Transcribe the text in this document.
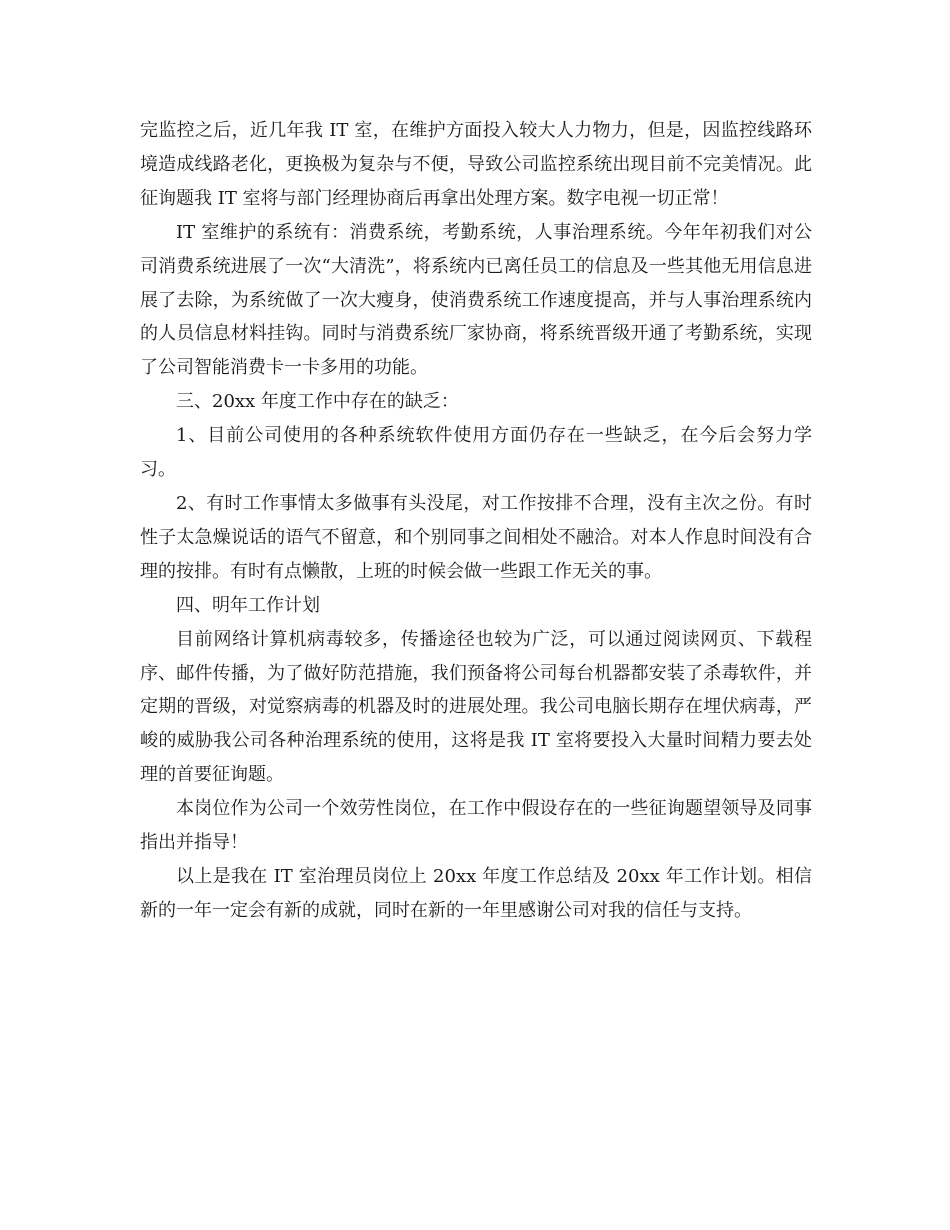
完监控之后，近几年我 IT 室，在维护方面投入较大人力物力，但是，因监控线路环境造成线路老化，更换极为复杂与不便，导致公司监控系统出现目前不完美情况。此征询题我 IT 室将与部门经理协商后再拿出处理方案。数字电视一切正常！

IT 室维护的系统有：消费系统，考勤系统，人事治理系统。今年年初我们对公司消费系统进展了一次“大清洗”，将系统内已离任员工的信息及一些其他无用信息进展了去除，为系统做了一次大瘦身，使消费系统工作速度提高，并与人事治理系统内的人员信息材料挂钩。同时与消费系统厂家协商，将系统晋级开通了考勤系统，实现了公司智能消费卡一卡多用的功能。

三、20xx 年度工作中存在的缺乏：

1、目前公司使用的各种系统软件使用方面仍存在一些缺乏，在今后会努力学习。

2、有时工作事情太多做事有头没尾，对工作按排不合理，没有主次之份。有时性子太急燥说话的语气不留意，和个别同事之间相处不融洽。对本人作息时间没有合理的按排。有时有点懒散，上班的时候会做一些跟工作无关的事。

四、明年工作计划

目前网络计算机病毒较多，传播途径也较为广泛，可以通过阅读网页、下载程序、邮件传播，为了做好防范措施，我们预备将公司每台机器都安装了杀毒软件，并定期的晋级，对觉察病毒的机器及时的进展处理。我公司电脑长期存在埋伏病毒，严峻的威胁我公司各种治理系统的使用，这将是我 IT 室将要投入大量时间精力要去处理的首要征询题。

本岗位作为公司一个效劳性岗位，在工作中假设存在的一些征询题望领导及同事指出并指导！

以上是我在 IT 室治理员岗位上 20xx 年度工作总结及 20xx 年工作计划。相信新的一年一定会有新的成就，同时在新的一年里感谢公司对我的信任与支持。
